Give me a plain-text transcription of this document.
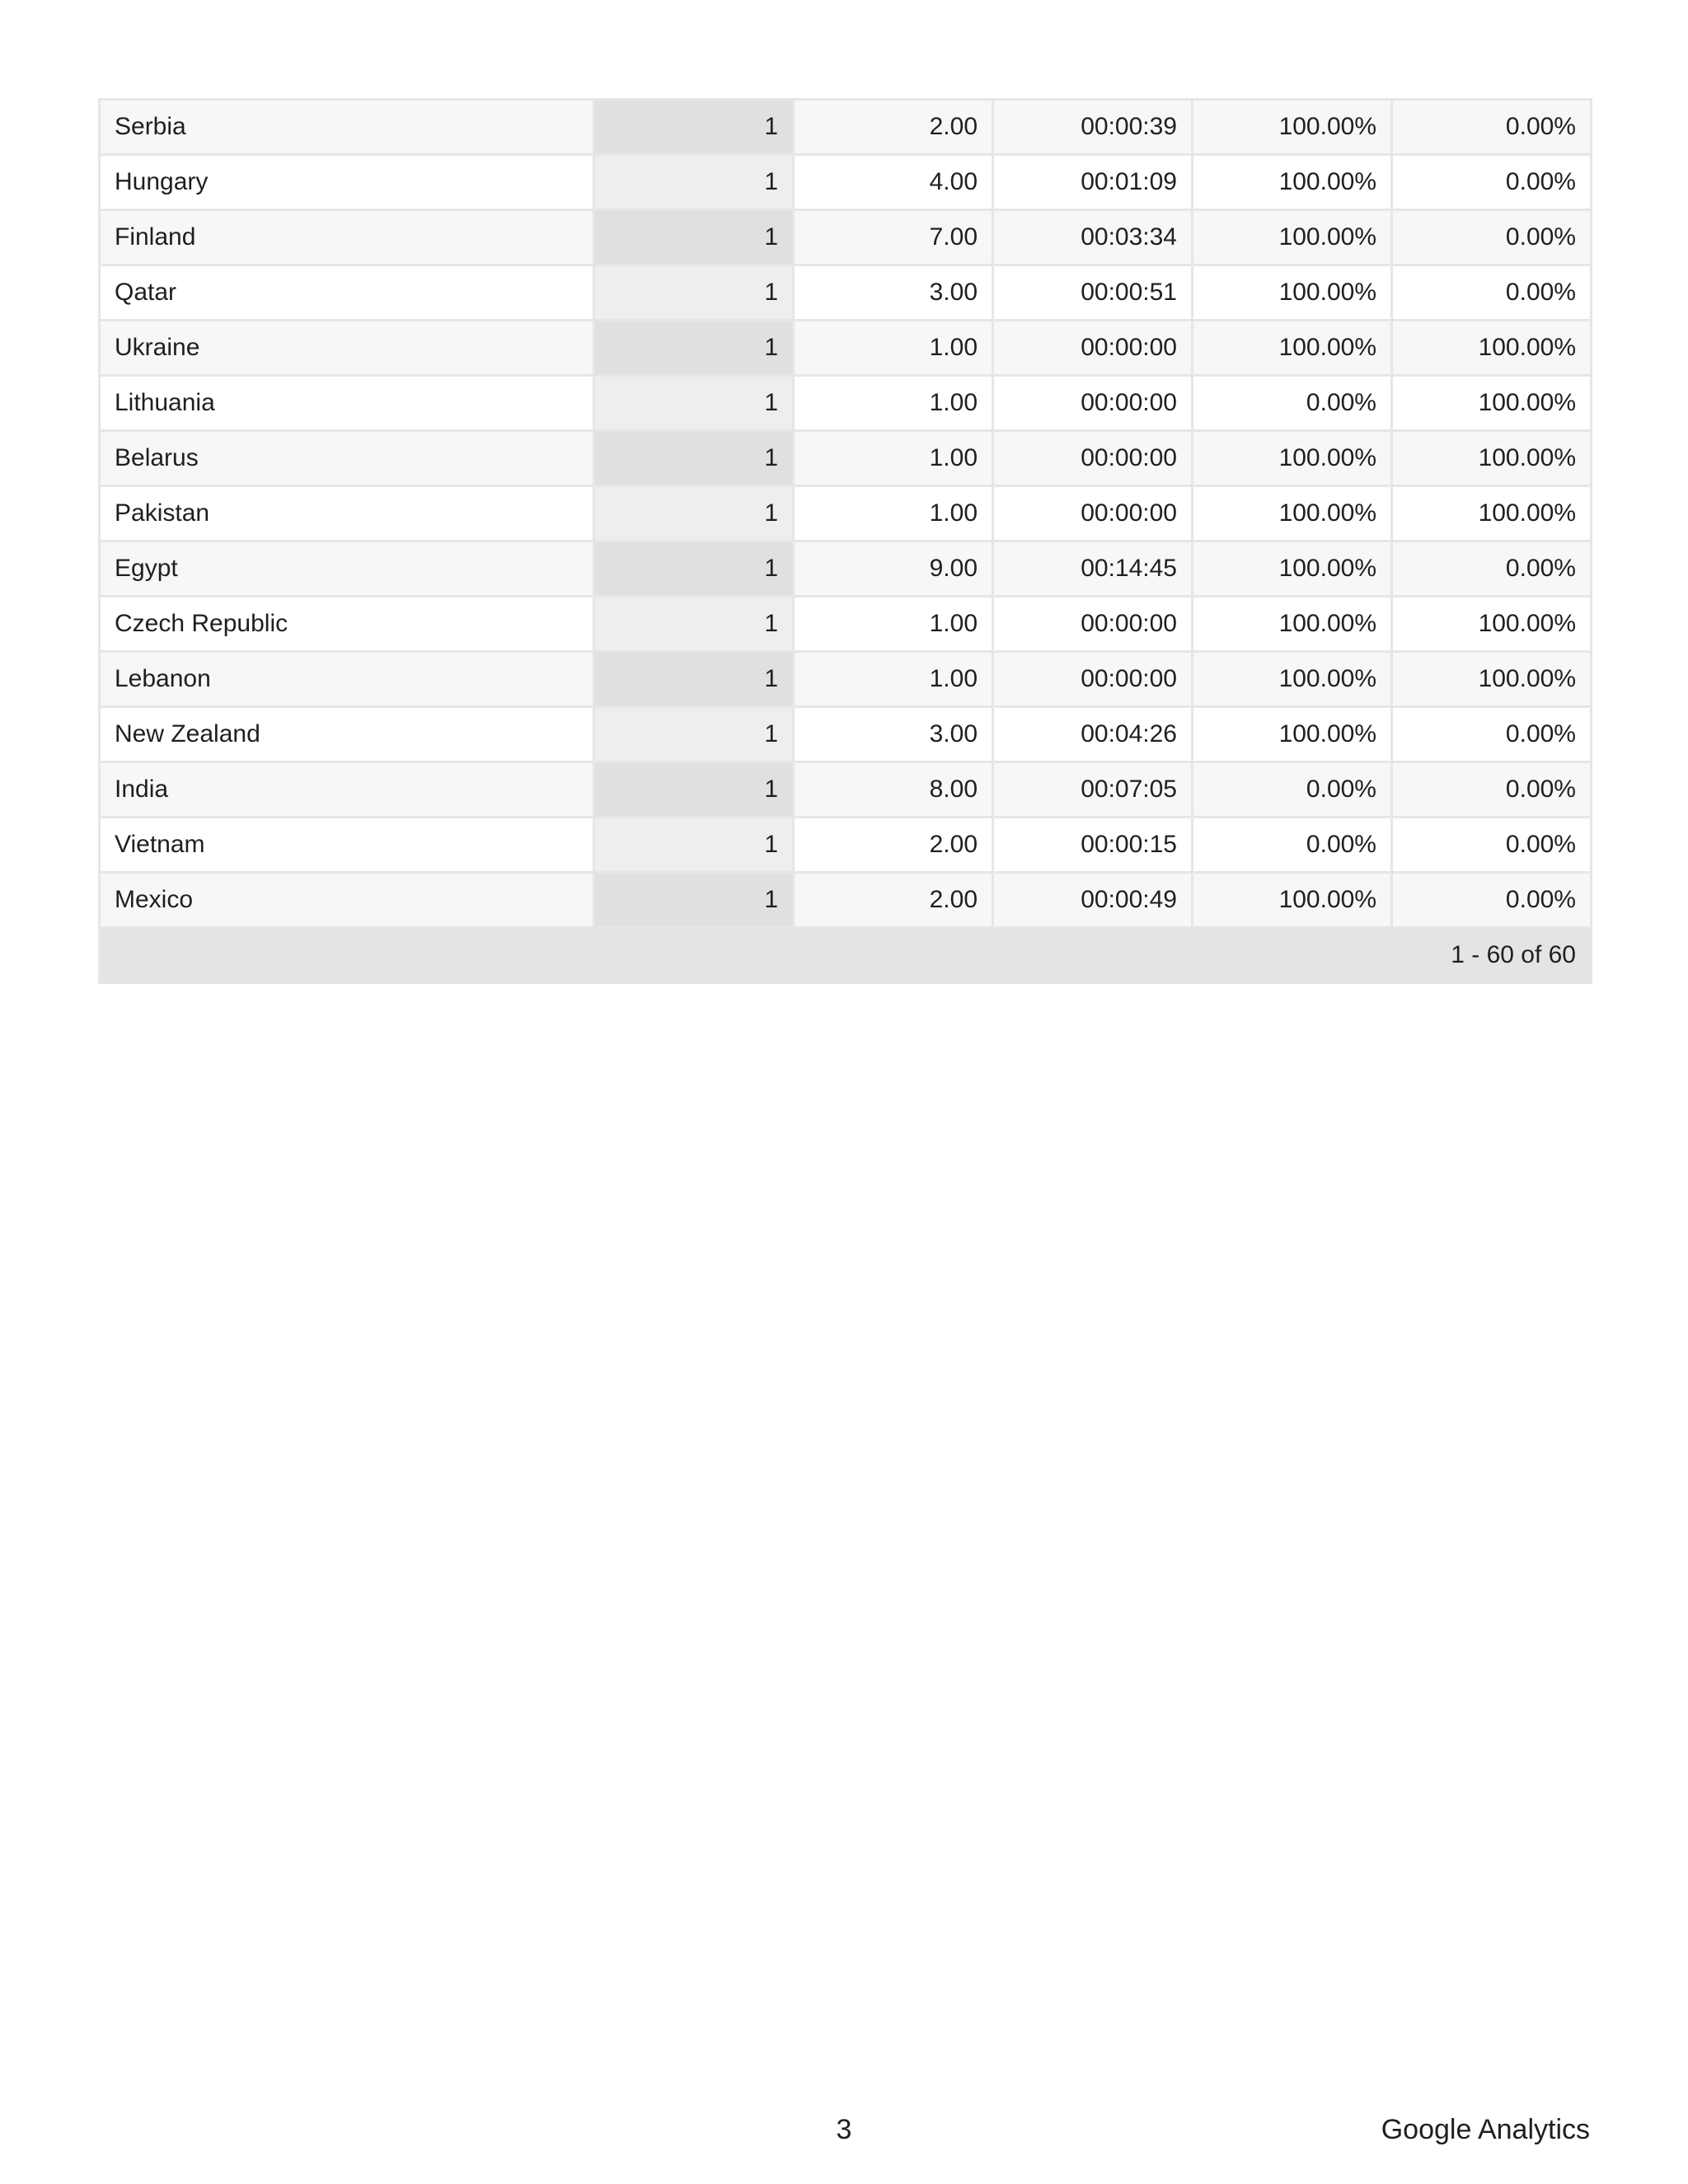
Serbia	1	2.00	00:00:39	100.00%	0.00%
Hungary	1	4.00	00:01:09	100.00%	0.00%
Finland	1	7.00	00:03:34	100.00%	0.00%
Qatar	1	3.00	00:00:51	100.00%	0.00%
Ukraine	1	1.00	00:00:00	100.00%	100.00%
Lithuania	1	1.00	00:00:00	0.00%	100.00%
Belarus	1	1.00	00:00:00	100.00%	100.00%
Pakistan	1	1.00	00:00:00	100.00%	100.00%
Egypt	1	9.00	00:14:45	100.00%	0.00%
Czech Republic	1	1.00	00:00:00	100.00%	100.00%
Lebanon	1	1.00	00:00:00	100.00%	100.00%
New Zealand	1	3.00	00:04:26	100.00%	0.00%
India	1	8.00	00:07:05	0.00%	0.00%
Vietnam	1	2.00	00:00:15	0.00%	0.00%
Mexico	1	2.00	00:00:49	100.00%	0.00%
1 - 60 of 60					
3	Google Analytics
